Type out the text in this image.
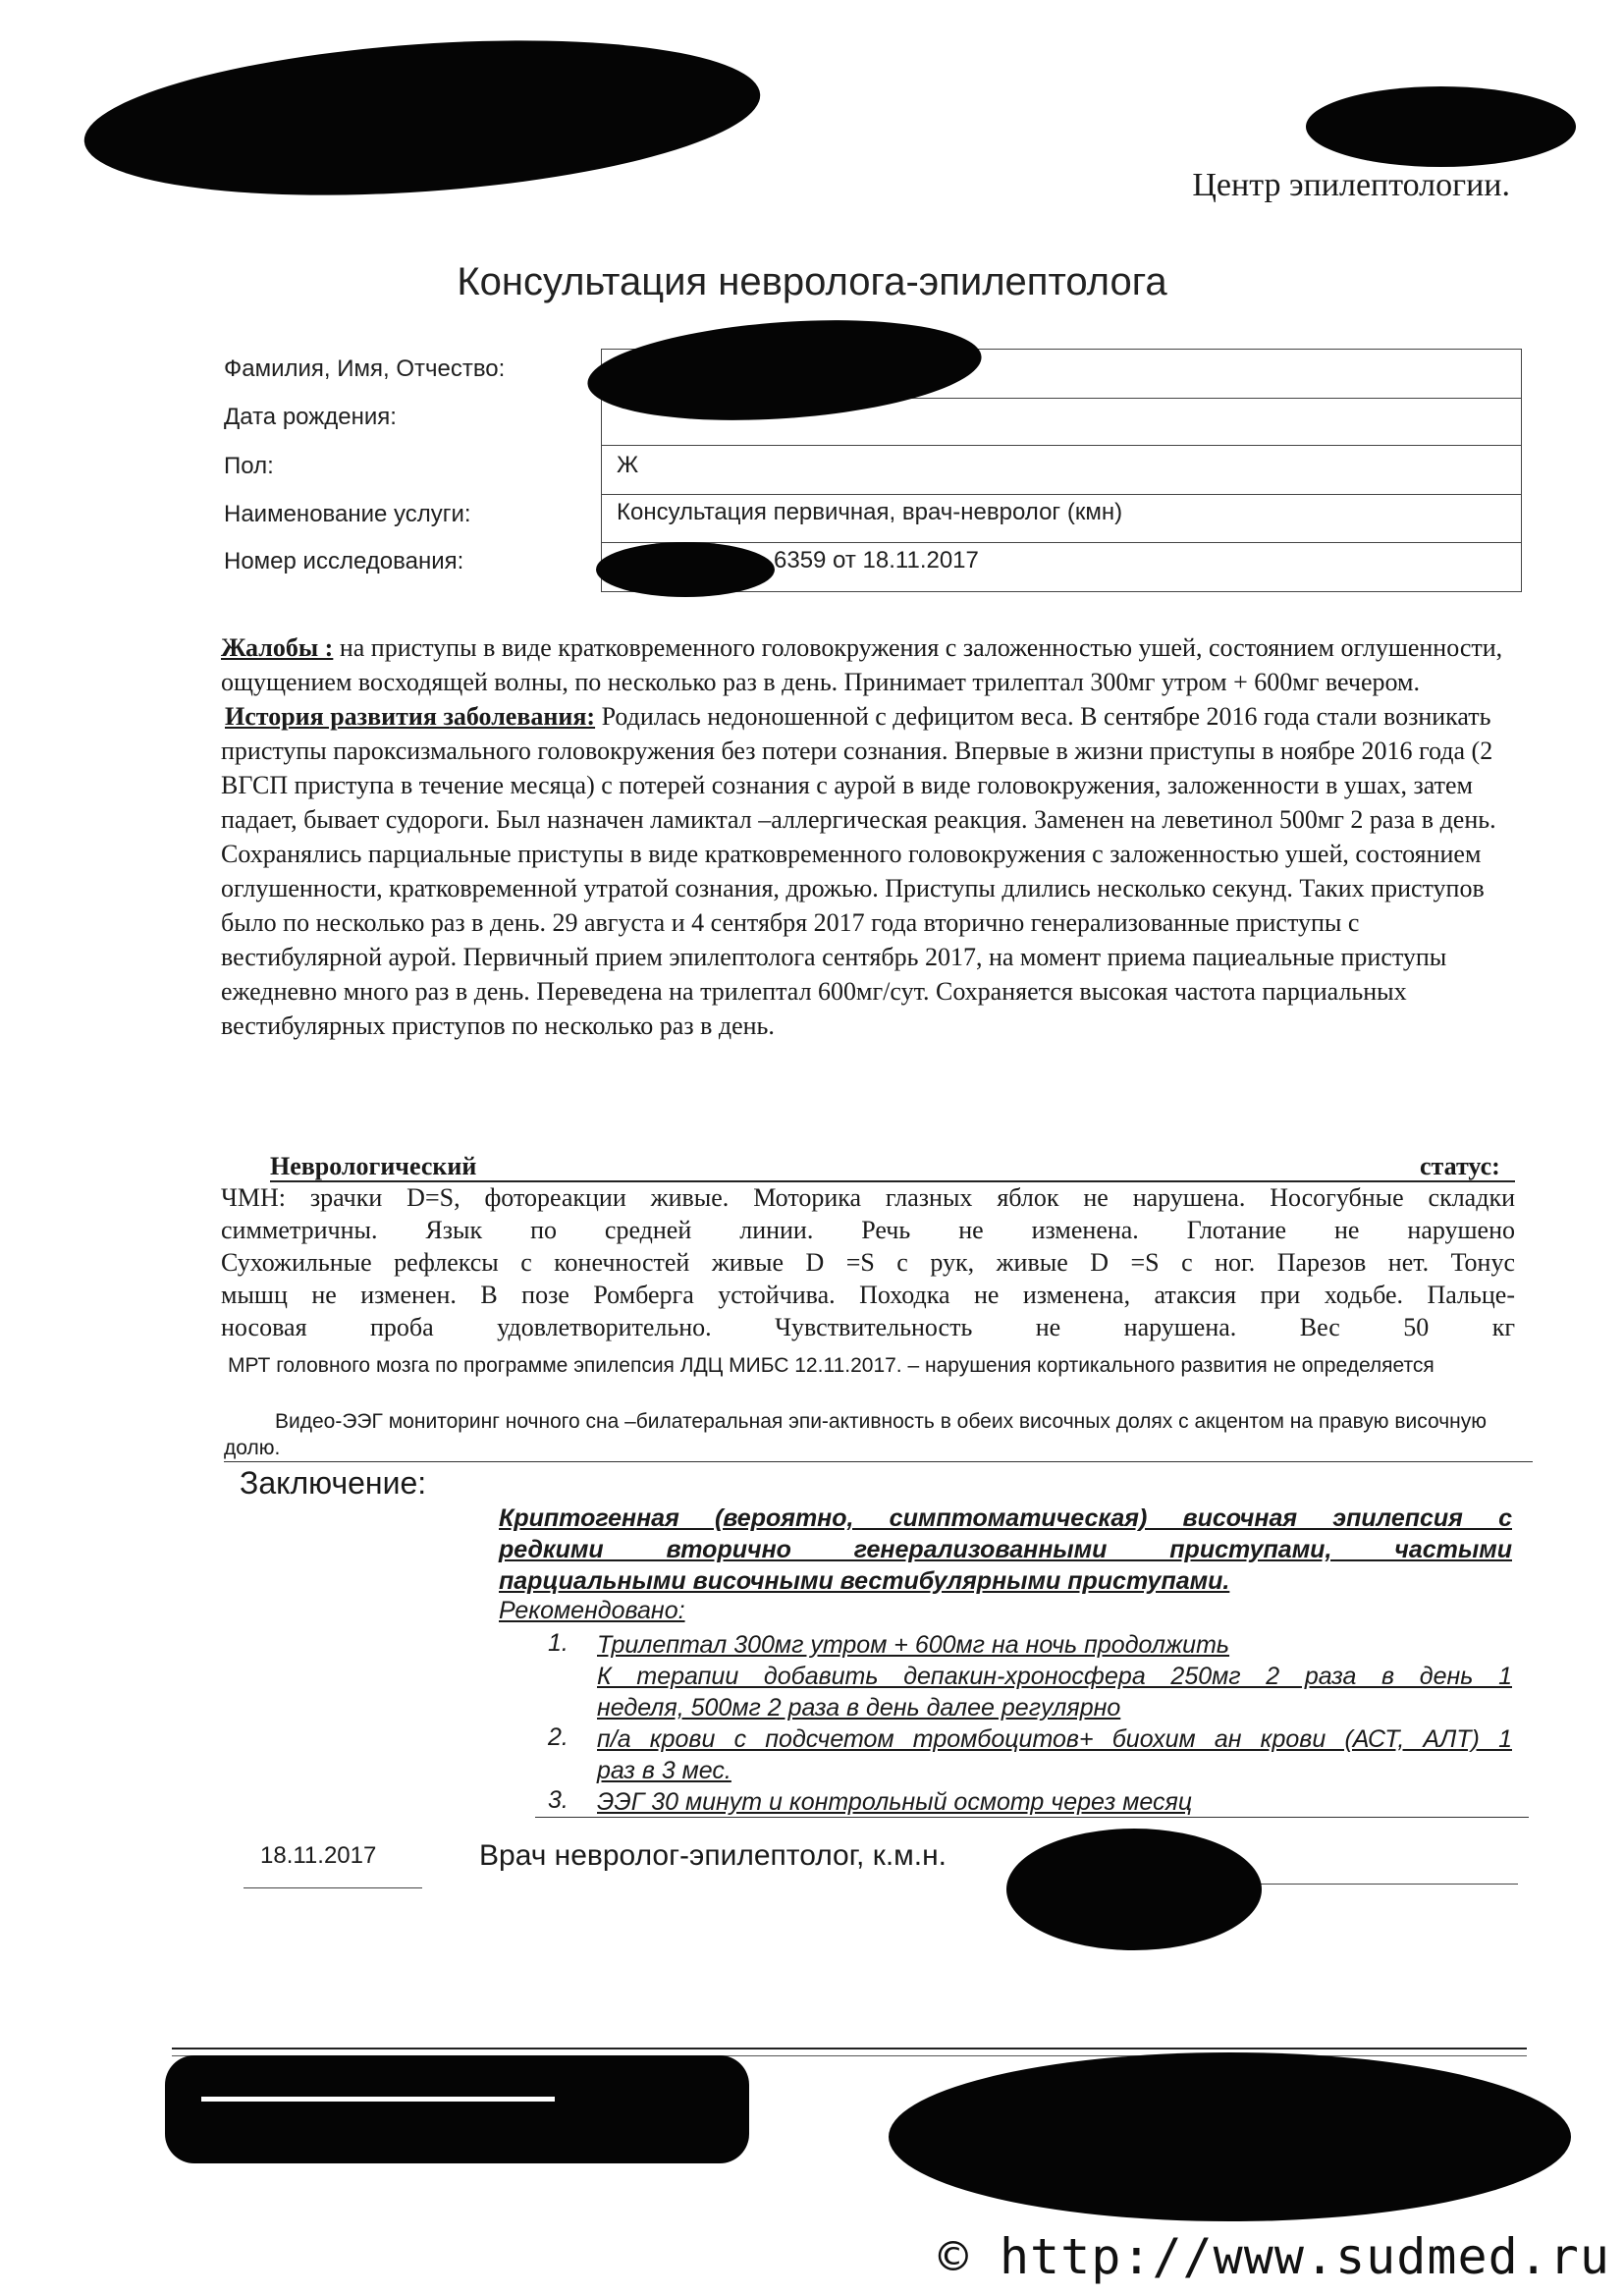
Центр эпилептологии.
Консультация невролога-эпилептолога
Фамилия, Имя, Отчество:
Дата рождения:
Пол:
Наименование услуги:
Номер исследования:
Ж
Консультация первичная, врач-невролог (кмн)
6359 от 18.11.2017

Жалобы : на приступы в виде кратковременного головокружения с заложенностью ушей, состоянием оглушенности, ощущением восходящей волны, по несколько раз в день. Принимает трилептал 300мг утром + 600мг вечером.

История развития заболевания: Родилась недоношенной с дефицитом веса. В сентябре 2016 года стали возникать приступы пароксизмального головокружения без потери сознания. Впервые в жизни приступы в ноябре 2016 года (2 ВГСП приступа в течение месяца) с потерей сознания с аурой в виде головокружения, заложенности в ушах, затем падает, бывает судороги. Был назначен ламиктал –аллергическая реакция. Заменен на леветинол 500мг 2 раза в день. Сохранялись парциальные приступы в виде кратковременного головокружения с заложенностью ушей, состоянием оглушенности, кратковременной утратой сознания, дрожью. Приступы длились несколько секунд. Таких приступов было по несколько раз в день. 29 августа и 4 сентября 2017 года вторично генерализованные приступы с вестибулярной аурой. Первичный прием эпилептолога сентябрь 2017, на момент приема пациеальные приступы ежедневно много раз в день. Переведена на трилептал 600мг/сут. Сохраняется высокая частота парциальных вестибулярных приступов по несколько раз в день.

Неврологический	статус:

ЧМН: зрачки D=S, фотореакции живые. Моторика глазных яблок не нарушена. Носогубные складки

симметричны. Язык по средней линии. Речь не изменена. Глотание не нарушено

Сухожильные рефлексы с конечностей живые D =S с рук, живые D =S с ног. Парезов нет. Тонус

мышц не изменен. В позе Ромберга устойчива. Походка не изменена, атаксия при ходьбе. Пальце-

носовая проба удовлетворительно. Чувствительность не нарушена. Вес 50 кг

МРТ головного мозга по программе эпилепсия ЛДЦ МИБС 12.11.2017. – нарушения кортикального развития не определяется
Видео-ЭЭГ мониторинг ночного сна –билатеральная эпи-активность в обеих височных долях с акцентом на правую височную долю.
Заключение:
Криптогенная (вероятно, симптоматическая) височная эпилепсия с
редкими вторично генерализованными приступами, частыми
парциальными височными вестибулярными приступами.
Рекомендовано:
1. Трилептал 300мг утром + 600мг на ночь продолжить
К терапии добавить депакин-хроносфера 250мг 2 раза в день 1
неделя, 500мг 2 раза в день далее регулярно
2. п/а крови с подсчетом тромбоцитов+ биохим ан крови (АСТ, АЛТ) 1
раз в 3 мес.
3. ЭЭГ 30 минут и контрольный осмотр через месяц
18.11.2017	Врач невролог-эпилептолог, к.м.н.
© http://www.sudmed.ru
